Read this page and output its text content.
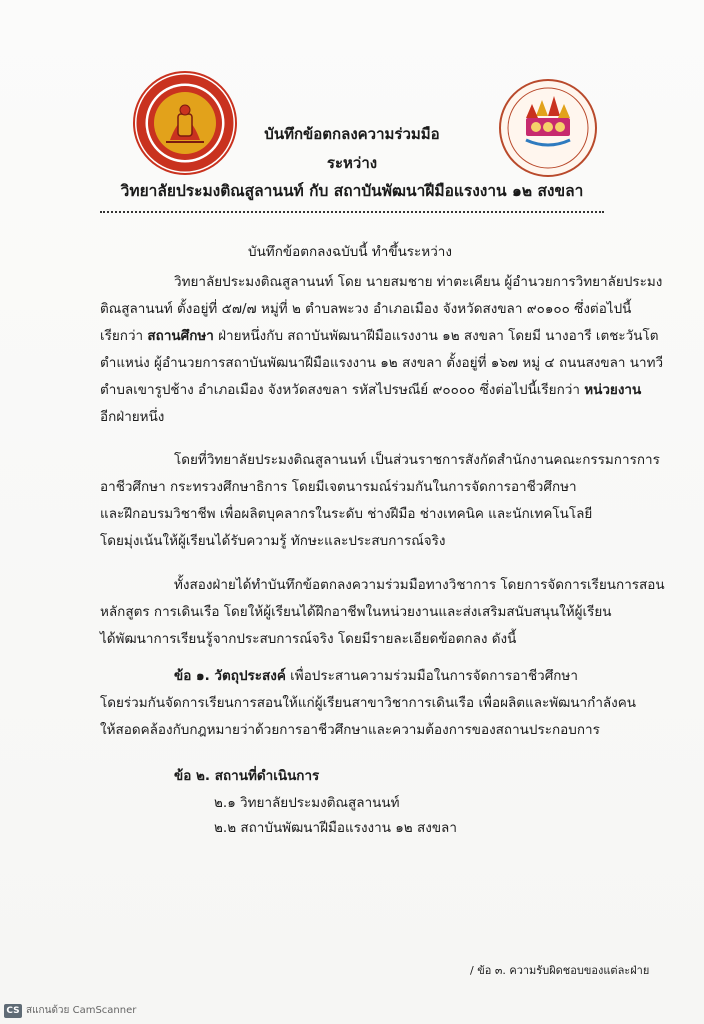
บันทึกข้อตกลงความร่วมมือ
ระหว่าง
วิทยาลัยประมงติณสูลานนท์ กับ สถาบันพัฒนาฝีมือแรงงาน ๑๒ สงขลา
บันทึกข้อตกลงฉบับนี้ ทำขึ้นระหว่าง
วิทยาลัยประมงติณสูลานนท์ โดย นายสมชาย ท่าตะเคียน ผู้อำนวยการวิทยาลัยประมง
ติณสูลานนท์ ตั้งอยู่ที่ ๕๗/๗ หมู่ที่ ๒ ตำบลพะวง อำเภอเมือง จังหวัดสงขลา ๙๐๑๐๐ ซึ่งต่อไปนี้
เรียกว่า สถานศึกษา ฝ่ายหนึ่งกับ สถาบันพัฒนาฝีมือแรงงาน ๑๒ สงขลา โดยมี นางอารี เตชะวันโต
ตำแหน่ง ผู้อำนวยการสถาบันพัฒนาฝีมือแรงงาน ๑๒ สงขลา ตั้งอยู่ที่ ๑๖๗ หมู่ ๔ ถนนสงขลา นาทวี
ตำบลเขารูปช้าง อำเภอเมือง จังหวัดสงขลา รหัสไปรษณีย์ ๙๐๐๐๐ ซึ่งต่อไปนี้เรียกว่า หน่วยงาน
อีกฝ่ายหนึ่ง
โดยที่วิทยาลัยประมงติณสูลานนท์ เป็นส่วนราชการสังกัดสำนักงานคณะกรรมการการ
อาชีวศึกษา กระทรวงศึกษาธิการ โดยมีเจตนารมณ์ร่วมกันในการจัดการอาชีวศึกษา
และฝึกอบรมวิชาชีพ เพื่อผลิตบุคลากรในระดับ ช่างฝีมือ ช่างเทคนิค และนักเทคโนโลยี
โดยมุ่งเน้นให้ผู้เรียนได้รับความรู้ ทักษะและประสบการณ์จริง
ทั้งสองฝ่ายได้ทำบันทึกข้อตกลงความร่วมมือทางวิชาการ โดยการจัดการเรียนการสอน
หลักสูตร การเดินเรือ โดยให้ผู้เรียนได้ฝึกอาชีพในหน่วยงานและส่งเสริมสนับสนุนให้ผู้เรียน
ได้พัฒนาการเรียนรู้จากประสบการณ์จริง โดยมีรายละเอียดข้อตกลง ดังนี้
ข้อ ๑. วัตถุประสงค์ เพื่อประสานความร่วมมือในการจัดการอาชีวศึกษา
โดยร่วมกันจัดการเรียนการสอนให้แก่ผู้เรียนสาขาวิชาการเดินเรือ เพื่อผลิตและพัฒนากำลังคน
ให้สอดคล้องกับกฎหมายว่าด้วยการอาชีวศึกษาและความต้องการของสถานประกอบการ
ข้อ ๒. สถานที่ดำเนินการ
๒.๑ วิทยาลัยประมงติณสูลานนท์
๒.๒ สถาบันพัฒนาฝีมือแรงงาน ๑๒ สงขลา
/ ข้อ ๓. ความรับผิดชอบของแต่ละฝ่าย
CS สแกนด้วย CamScanner
